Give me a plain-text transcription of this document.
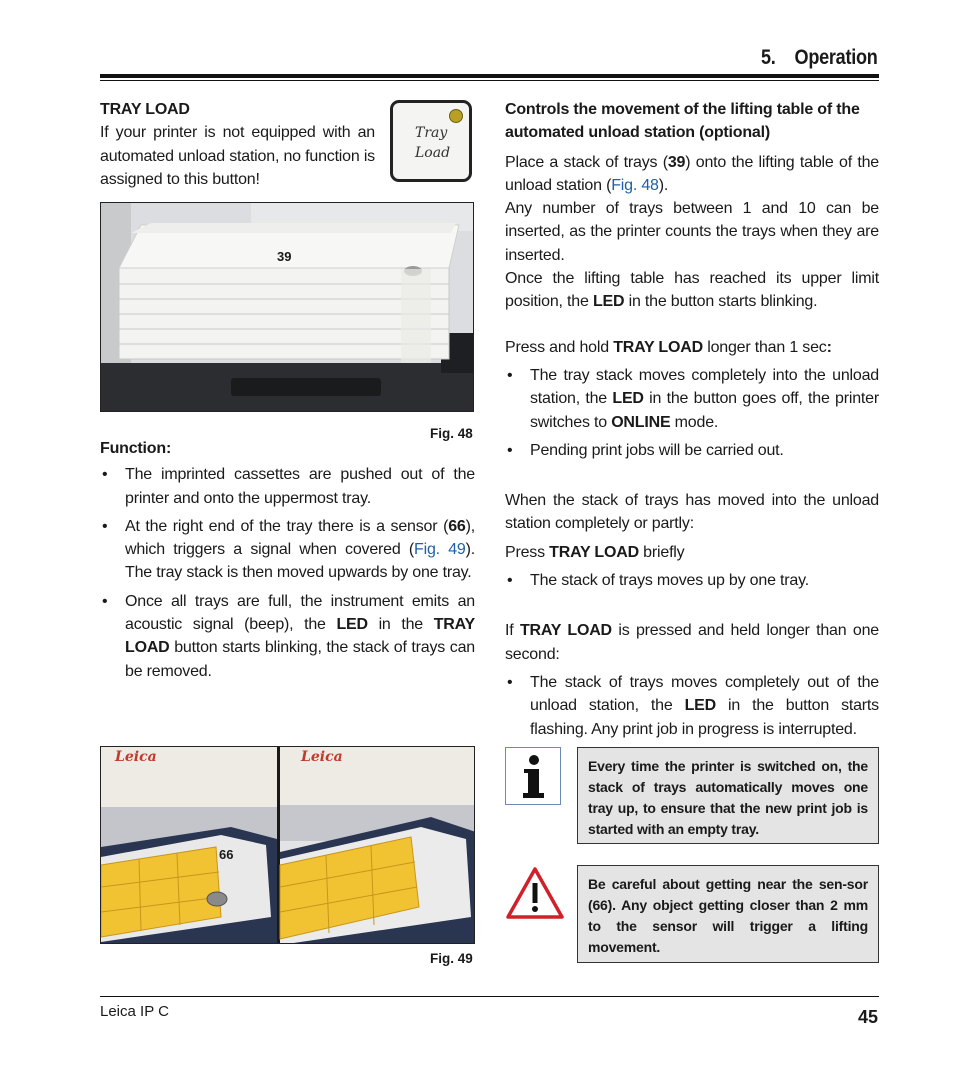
5.    Operation
TRAY LOAD
If your printer is not equipped with an automated unload station, no function is assigned to this button!
Tray
Load
39
Fig. 48
Function:
• The imprinted cassettes are pushed out of the printer and onto the uppermost tray.
• At the right end of the tray there is a sensor (66), which triggers a signal when covered (Fig. 49). The tray stack is then moved upwards by one tray.
• Once all trays are full, the instrument emits an acoustic signal (beep), the LED in the TRAY LOAD button starts blinking, the stack of trays can be removed.
Leica	Leica
66
Fig. 49

Controls the movement of the lifting table of the automated unload station (optional)

Place a stack of trays (39) onto the lifting table of the unload station (Fig. 48).

Any number of trays between 1 and 10 can be inserted, as the printer counts the trays when they are inserted.

Once the lifting table has reached its upper limit position, the LED in the button starts blinking.

Press and hold TRAY LOAD longer than 1 sec:

• The tray stack moves completely into the unload station, the LED in the button goes off, the printer switches to ONLINE mode.
• Pending print jobs will be carried out.

When the stack of trays has moved into the unload station completely or partly:

Press TRAY LOAD briefly

• The stack of trays moves up by one tray.

If TRAY LOAD is pressed and held longer than one second:

• The stack of trays moves completely out of the unload station, the LED in the button starts flashing. Any print job in progress is interrupted.
Every time the printer is switched on, the stack of trays automatically moves one tray up, to ensure that the new print job is started with an empty tray.
Be careful about getting near the sen-sor (66). Any object getting closer than 2 mm to the sensor will trigger a lifting movement.
Leica IP C	45
